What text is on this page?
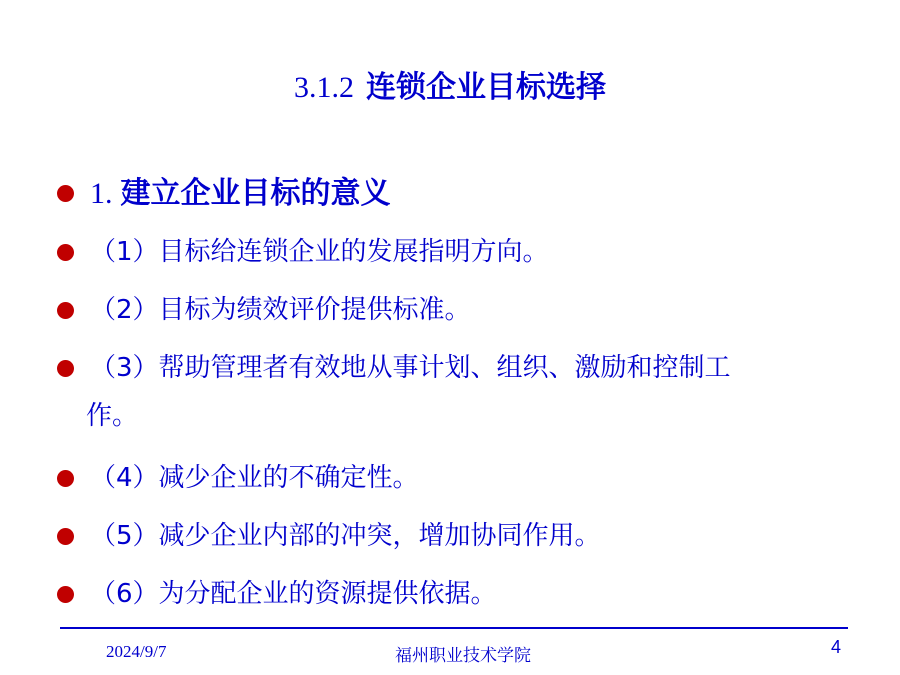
3.1.2 连锁企业目标选择
1. 建立企业目标的意义
（1）目标给连锁企业的发展指明方向。
（2）目标为绩效评价提供标准。
（3）帮助管理者有效地从事计划、组织、激励和控制工
作。
（4）减少企业的不确定性。
（5）减少企业内部的冲突，增加协同作用。
（6）为分配企业的资源提供依据。
2024/9/7	福州职业技术学院	4
